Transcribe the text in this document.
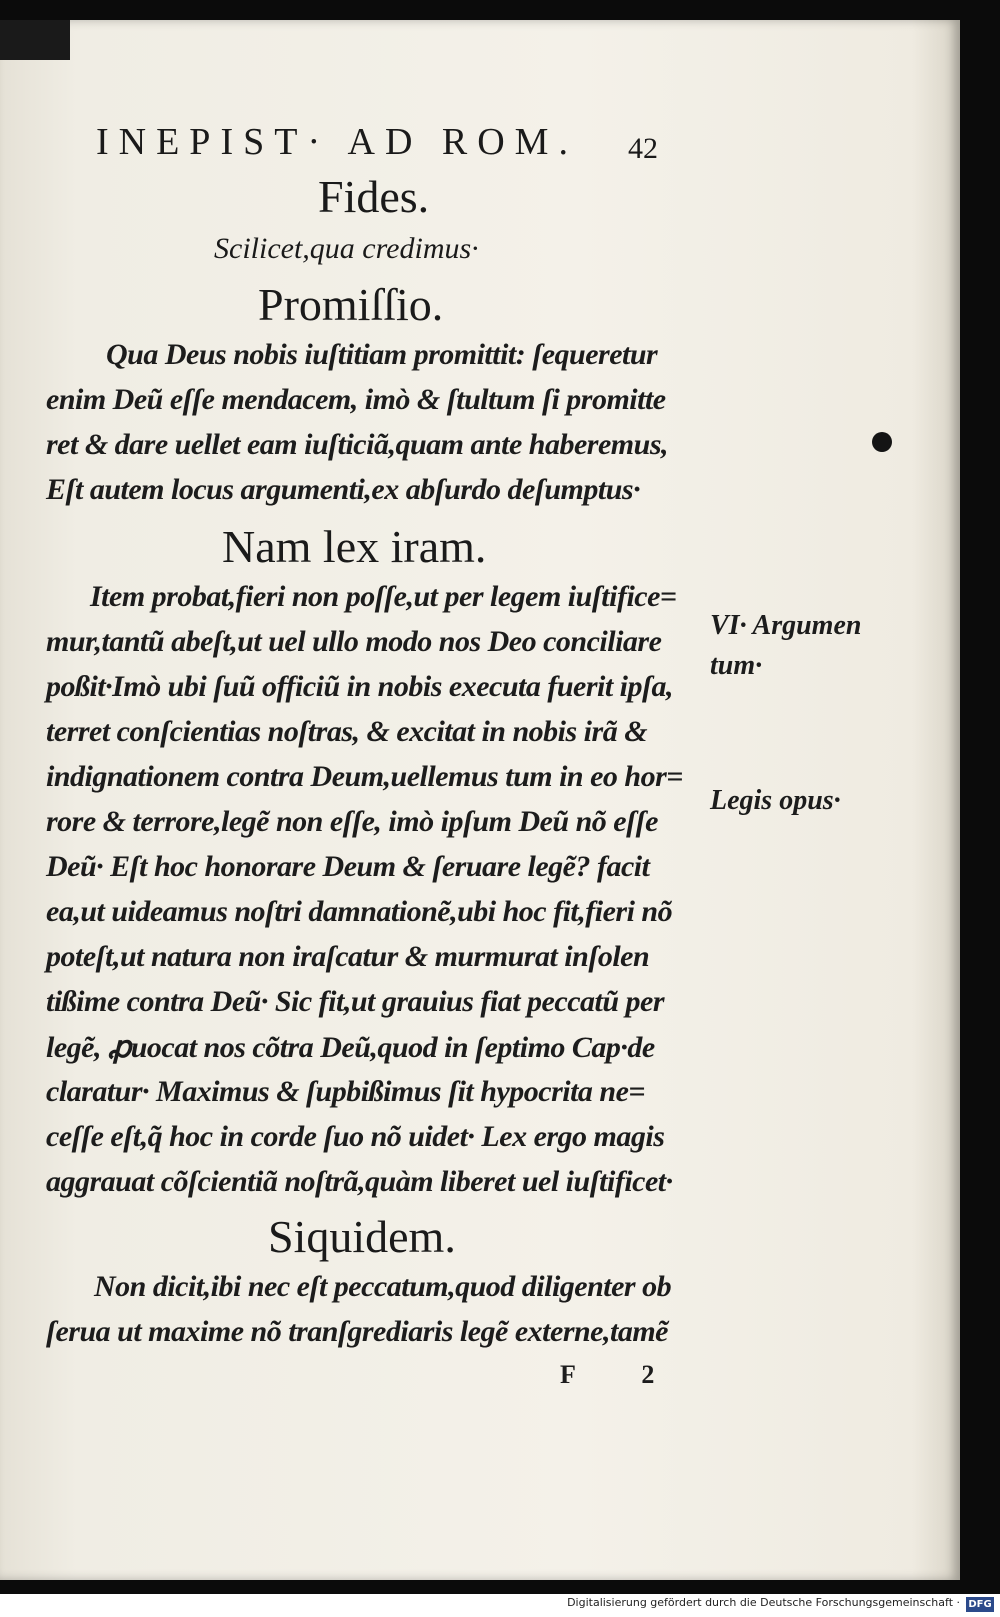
INEPIST· AD ROM.	42
Fides.
Scilicet,qua credimus·
Promiſſio.
Qua Deus nobis iuſtitiam promittit: ſequeretur
enim Deũ eſſe mendacem, imò & ſtultum ſi promitte
ret & dare uellet eam iuſticiã,quam ante haberemus,
Eſt autem locus argumenti,ex abſurdo deſumptus·
Nam lex iram.
Item probat,fieri non poſſe,ut per legem iuſtifice=
mur,tantũ abeſt,ut uel ullo modo nos Deo conciliare
poßit·Imò ubi ſuũ officiũ in nobis executa fuerit ipſa,
terret conſcientias noſtras, & excitat in nobis irã &
indignationem contra Deum,uellemus tum in eo hor=
rore & terrore,legẽ non eſſe, imò ipſum Deũ nõ eſſe
Deũ· Eſt hoc honorare Deum & ſeruare legẽ? facit
ea,ut uideamus noſtri damnationẽ,ubi hoc fit,fieri nõ
poteſt,ut natura non iraſcatur & murmurat inſolen
tißime contra Deũ· Sic fit,ut grauius fiat peccatũ per
legẽ, ꝓuocat nos cõtra Deũ,quod in ſeptimo Cap·de
claratur· Maximus & ſupbißimus ſit hypocrita ne=
ceſſe eſt,q̃ hoc in corde ſuo nõ uidet· Lex ergo magis
aggrauat cõſcientiã noſtrã,quàm liberet uel iuſtificet·
VI· Argumen
tum·
Legis opus·
Siquidem.
Non dicit,ibi nec eſt peccatum,quod diligenter ob
ſerua ut maxime nõ tranſgrediaris legẽ externe,tamẽ
F 2
Digitalisierung gefördert durch die Deutsche Forschungsgemeinschaft · DFG
